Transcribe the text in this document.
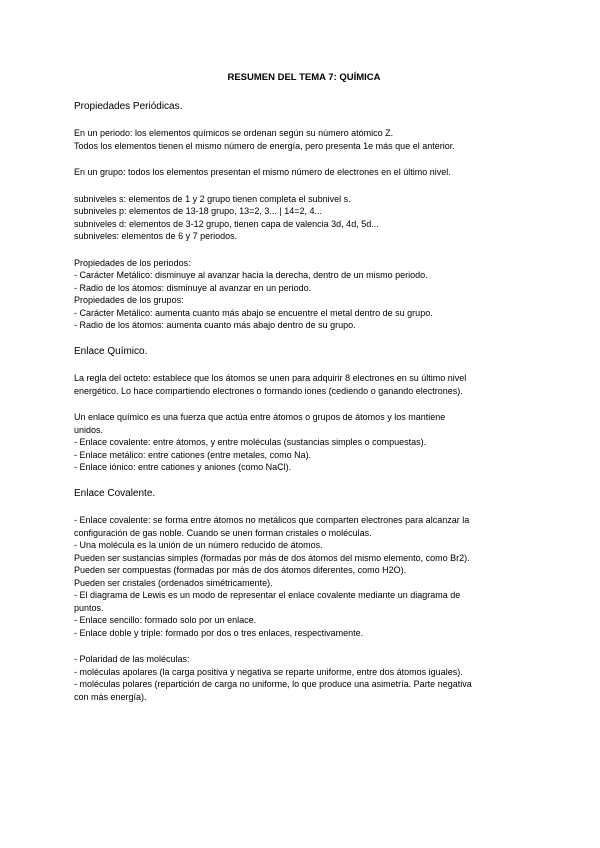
RESUMEN DEL TEMA 7: QUÍMICA

Propiedades Periódicas.

En un periodo: los elementos químicos se ordenan según su número atómico Z.

Todos los elementos tienen el mismo número de energía, pero presenta 1e más que el anterior.

En un grupo: todos los elementos presentan el mismo número de electrones en el último nivel.

subniveles s: elementos de 1 y 2 grupo tienen completa el subnivel s.

subniveles p: elementos de 13-18 grupo, 13=2, 3... | 14=2, 4...

subniveles d: elementos de 3-12 grupo, tienen capa de valencia 3d, 4d, 5d...

subniveles: elementos de 6 y 7 periodos.

Propiedades de los periodos:

- Carácter Metálico: disminuye al avanzar hacia la derecha, dentro de un mismo periodo.

- Radio de los átomos: disminuye al avanzar en un periodo.

Propiedades de los grupos:

- Carácter Metálico: aumenta cuanto más abajo se encuentre el metal dentro de su grupo.

- Radio de los átomos: aumenta cuanto más abajo dentro de su grupo.

Enlace Químico.

La regla del octeto: establece que los átomos se unen para adquirir 8 electrones en su último nivel

energético. Lo hace compartiendo electrones o formando iones (cediendo o ganando electrones).

Un enlace químico es una fuerza que actúa entre átomos o grupos de átomos y los mantiene

unidos.

- Enlace covalente: entre átomos, y entre moléculas (sustancias simples o compuestas).

- Enlace metálico: entre cationes (entre metales, como Na).

- Enlace iónico: entre cationes y aniones (como NaCl).

Enlace Covalente.

- Enlace covalente: se forma entre átomos no metálicos que comparten electrones para alcanzar la

configuración de gas noble. Cuando se unen forman cristales o moléculas.

- Una molécula es la unión de un número reducido de átomos.

Pueden ser sustancias simples (formadas por más de dos átomos del mismo elemento, como Br2).

Pueden ser compuestas (formadas por más de dos átomos diferentes, como H2O).

Pueden ser cristales (ordenados simétricamente).

- El diagrama de Lewis es un modo de representar el enlace covalente mediante un diagrama de

puntos.

- Enlace sencillo: formado solo por un enlace.

- Enlace doble y triple: formado por dos o tres enlaces, respectivamente.

- Polaridad de las moléculas:

- moléculas apolares (la carga positiva y negativa se reparte uniforme, entre dos átomos iguales).

- moléculas polares (repartición de carga no uniforme, lo que produce una asimetría. Parte negativa

con más energía).
